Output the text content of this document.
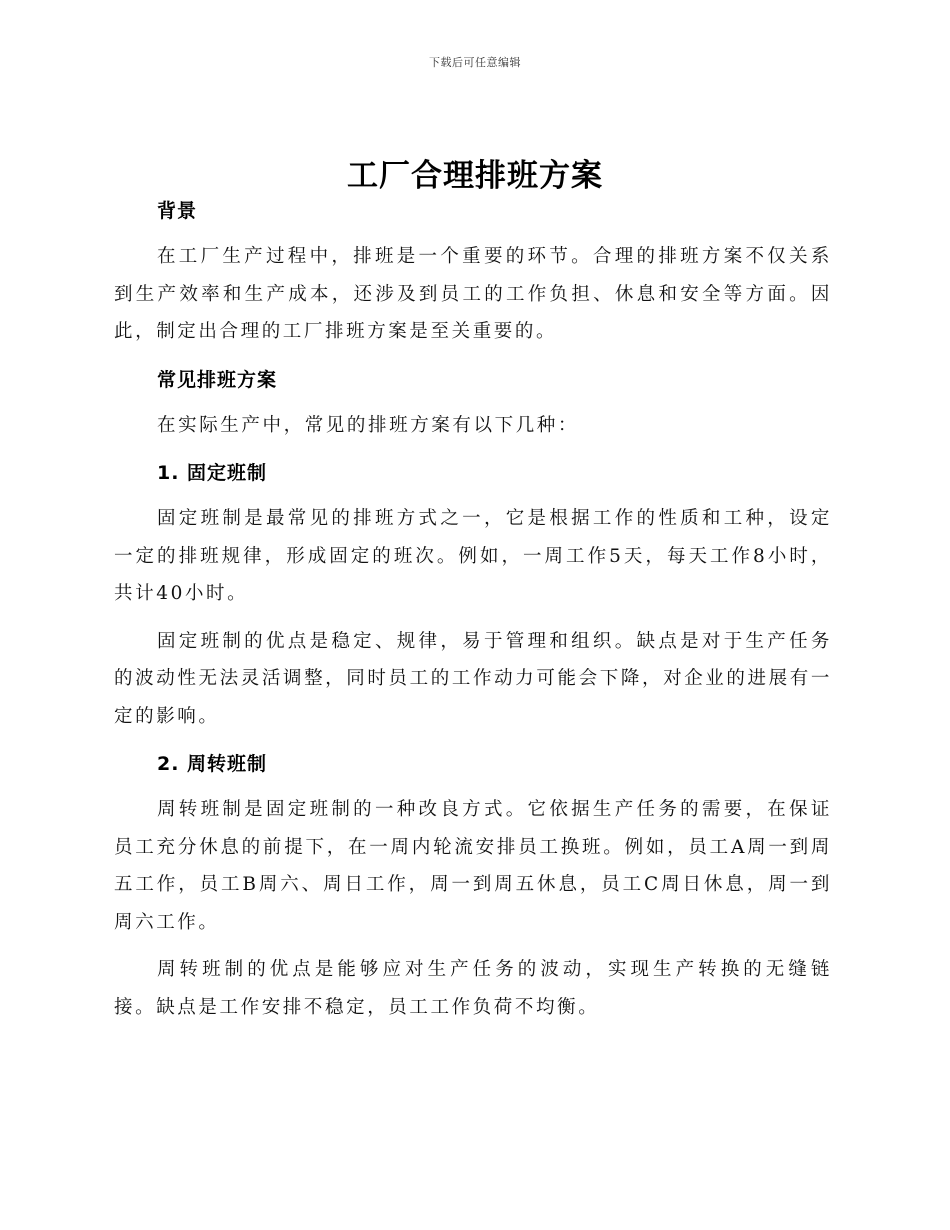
下载后可任意编辑
工厂合理排班方案
背景

在工厂生产过程中，排班是一个重要的环节。合理的排班方案不仅关系到生产效率和生产成本，还涉及到员工的工作负担、休息和安全等方面。因此，制定出合理的工厂排班方案是至关重要的。

常见排班方案

在实际生产中，常见的排班方案有以下几种：

1. 固定班制

固定班制是最常见的排班方式之一，它是根据工作的性质和工种，设定一定的排班规律，形成固定的班次。例如，一周工作5天，每天工作8小时，共计40小时。

固定班制的优点是稳定、规律，易于管理和组织。缺点是对于生产任务的波动性无法灵活调整，同时员工的工作动力可能会下降，对企业的进展有一定的影响。

2. 周转班制

周转班制是固定班制的一种改良方式。它依据生产任务的需要，在保证员工充分休息的前提下，在一周内轮流安排员工换班。例如，员工A周一到周五工作，员工B周六、周日工作，周一到周五休息，员工C周日休息，周一到周六工作。

周转班制的优点是能够应对生产任务的波动，实现生产转换的无缝链接。缺点是工作安排不稳定，员工工作负荷不均衡。
